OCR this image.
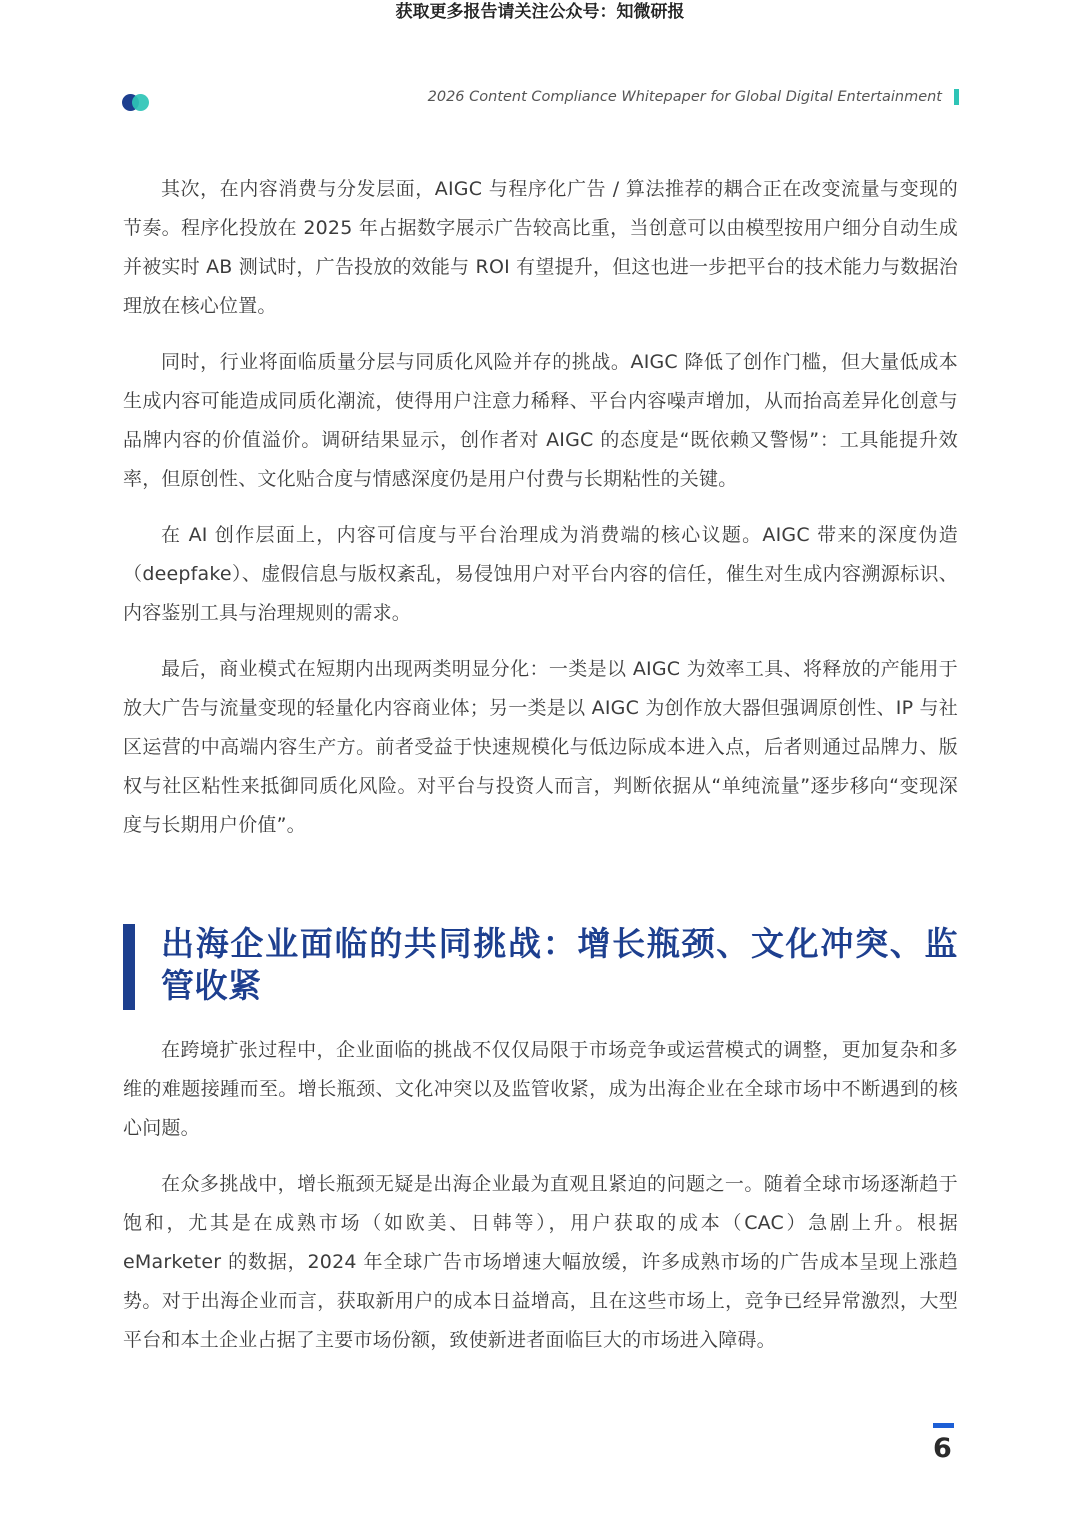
获取更多报告请关注公众号：知微研报
2026 Content Compliance Whitepaper for Global Digital Entertainment

其次，在内容消费与分发层面，AIGC 与程序化广告 / 算法推荐的耦合正在改变流量与变现的节奏。程序化投放在 2025 年占据数字展示广告较高比重，当创意可以由模型按用户细分自动生成并被实时 AB 测试时，广告投放的效能与 ROI 有望提升，但这也进一步把平台的技术能力与数据治理放在核心位置。

同时，行业将面临质量分层与同质化风险并存的挑战。AIGC 降低了创作门槛，但大量低成本生成内容可能造成同质化潮流，使得用户注意力稀释、平台内容噪声增加，从而抬高差异化创意与品牌内容的价值溢价。调研结果显示，创作者对 AIGC 的态度是“既依赖又警惕”：工具能提升效率，但原创性、文化贴合度与情感深度仍是用户付费与长期粘性的关键。

在 AI 创作层面上，内容可信度与平台治理成为消费端的核心议题。AIGC 带来的深度伪造（deepfake）、虚假信息与版权紊乱，易侵蚀用户对平台内容的信任，催生对生成内容溯源标识、内容鉴别工具与治理规则的需求。

最后，商业模式在短期内出现两类明显分化：一类是以 AIGC 为效率工具、将释放的产能用于放大广告与流量变现的轻量化内容商业体；另一类是以 AIGC 为创作放大器但强调原创性、IP 与社区运营的中高端内容生产方。前者受益于快速规模化与低边际成本进入点，后者则通过品牌力、版权与社区粘性来抵御同质化风险。对平台与投资人而言，判断依据从“单纯流量”逐步移向“变现深度与长期用户价值”。

出海企业面临的共同挑战：增长瓶颈、文化冲突、监管收紧

在跨境扩张过程中，企业面临的挑战不仅仅局限于市场竞争或运营模式的调整，更加复杂和多维的难题接踵而至。增长瓶颈、文化冲突以及监管收紧，成为出海企业在全球市场中不断遇到的核心问题。

在众多挑战中，增长瓶颈无疑是出海企业最为直观且紧迫的问题之一。随着全球市场逐渐趋于饱和，尤其是在成熟市场（如欧美、日韩等），用户获取的成本（CAC）急剧上升。根据 eMarketer 的数据，2024 年全球广告市场增速大幅放缓，许多成熟市场的广告成本呈现上涨趋势。对于出海企业而言，获取新用户的成本日益增高，且在这些市场上，竞争已经异常激烈，大型平台和本土企业占据了主要市场份额，致使新进者面临巨大的市场进入障碍。

6
